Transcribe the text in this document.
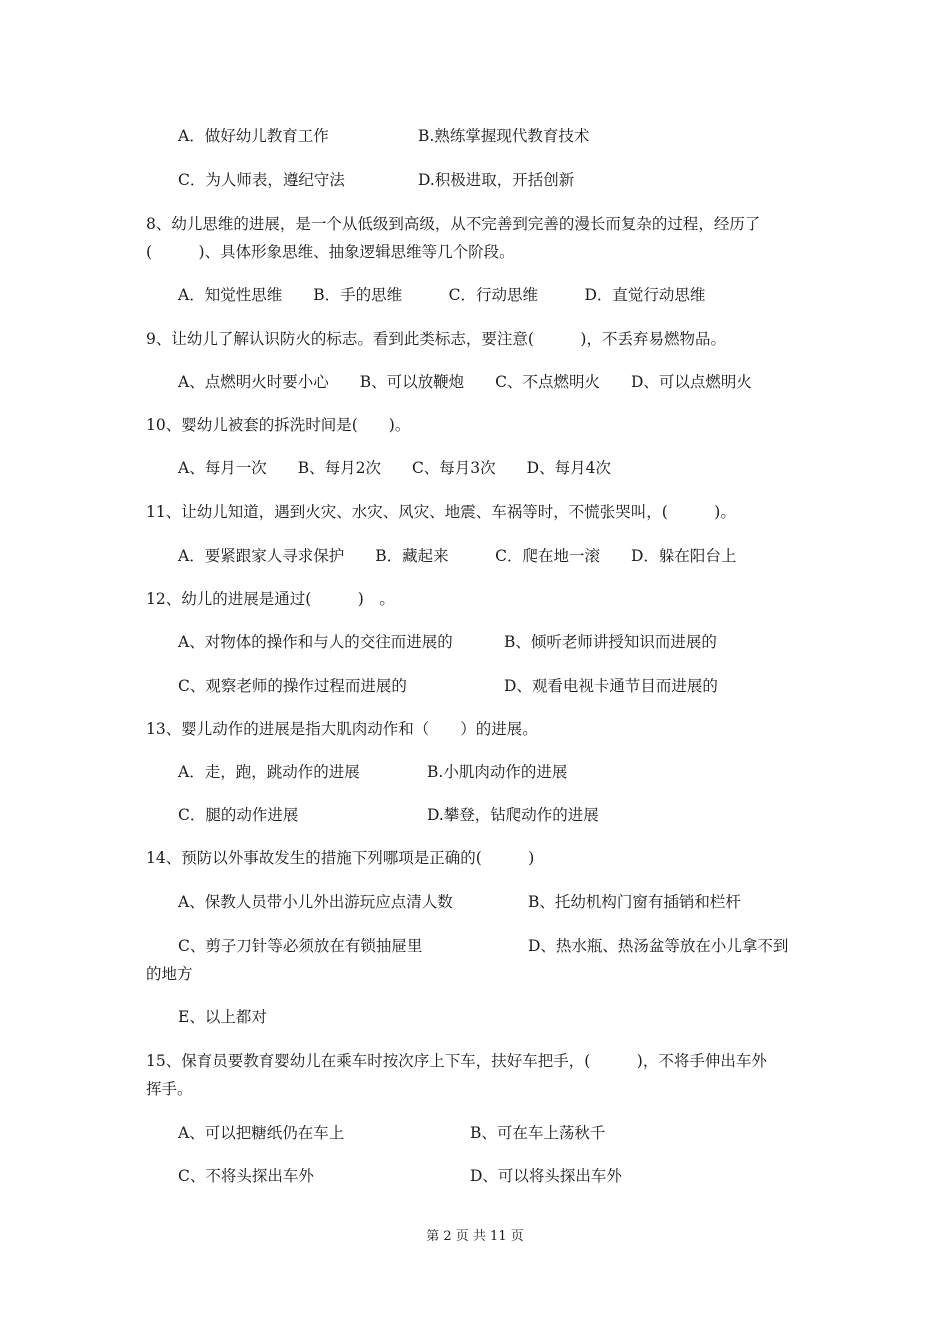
A．做好幼儿教育工作	B.熟练掌握现代教育技术
C．为人师表，遵纪守法	D.积极进取，开括创新
8、幼儿思维的进展，是一个从低级到高级，从不完善到完善的漫长而复杂的过程，经历了
(　　　)、具体形象思维、抽象逻辑思维等几个阶段。
A．知觉性思维　　B．手的思维　　　C．行动思维　　　D．直觉行动思维
9、让幼儿了解认识防火的标志。看到此类标志，要注意(　　　)，不丢弃易燃物品。
A、点燃明火时要小心　　B、可以放鞭炮　　C、不点燃明火　　D、可以点燃明火
10、婴幼儿被套的拆洗时间是(　　)。
A、每月一次　　B、每月2次　　C、每月3次　　D、每月4次
11、让幼儿知道，遇到火灾、水灾、风灾、地震、车祸等时，不慌张哭叫，(　　　)。
A．要紧跟家人寻求保护　　B．藏起来　　　C．爬在地一滚　　D．躲在阳台上
12、幼儿的进展是通过(　　　)　。
A、对物体的操作和与人的交往而进展的	B、倾听老师讲授知识而进展的
C、观察老师的操作过程而进展的	D、观看电视卡通节目而进展的
13、婴儿动作的进展是指大肌肉动作和（　　）的进展。
A．走，跑，跳动作的进展	B.小肌肉动作的进展
C．腿的动作进展	D.攀登，钻爬动作的进展
14、预防以外事故发生的措施下列哪项是正确的(　　　)
A、保教人员带小儿外出游玩应点清人数	B、托幼机构门窗有插销和栏杆
C、剪子刀针等必须放在有锁抽屉里	D、热水瓶、热汤盆等放在小儿拿不到
的地方
E、以上都对
15、保育员要教育婴幼儿在乘车时按次序上下车，扶好车把手，(　　　)，不将手伸出车外
挥手。
A、可以把糖纸仍在车上	B、可在车上荡秋千
C、不将头探出车外	D、可以将头探出车外
第 2 页 共 11 页
